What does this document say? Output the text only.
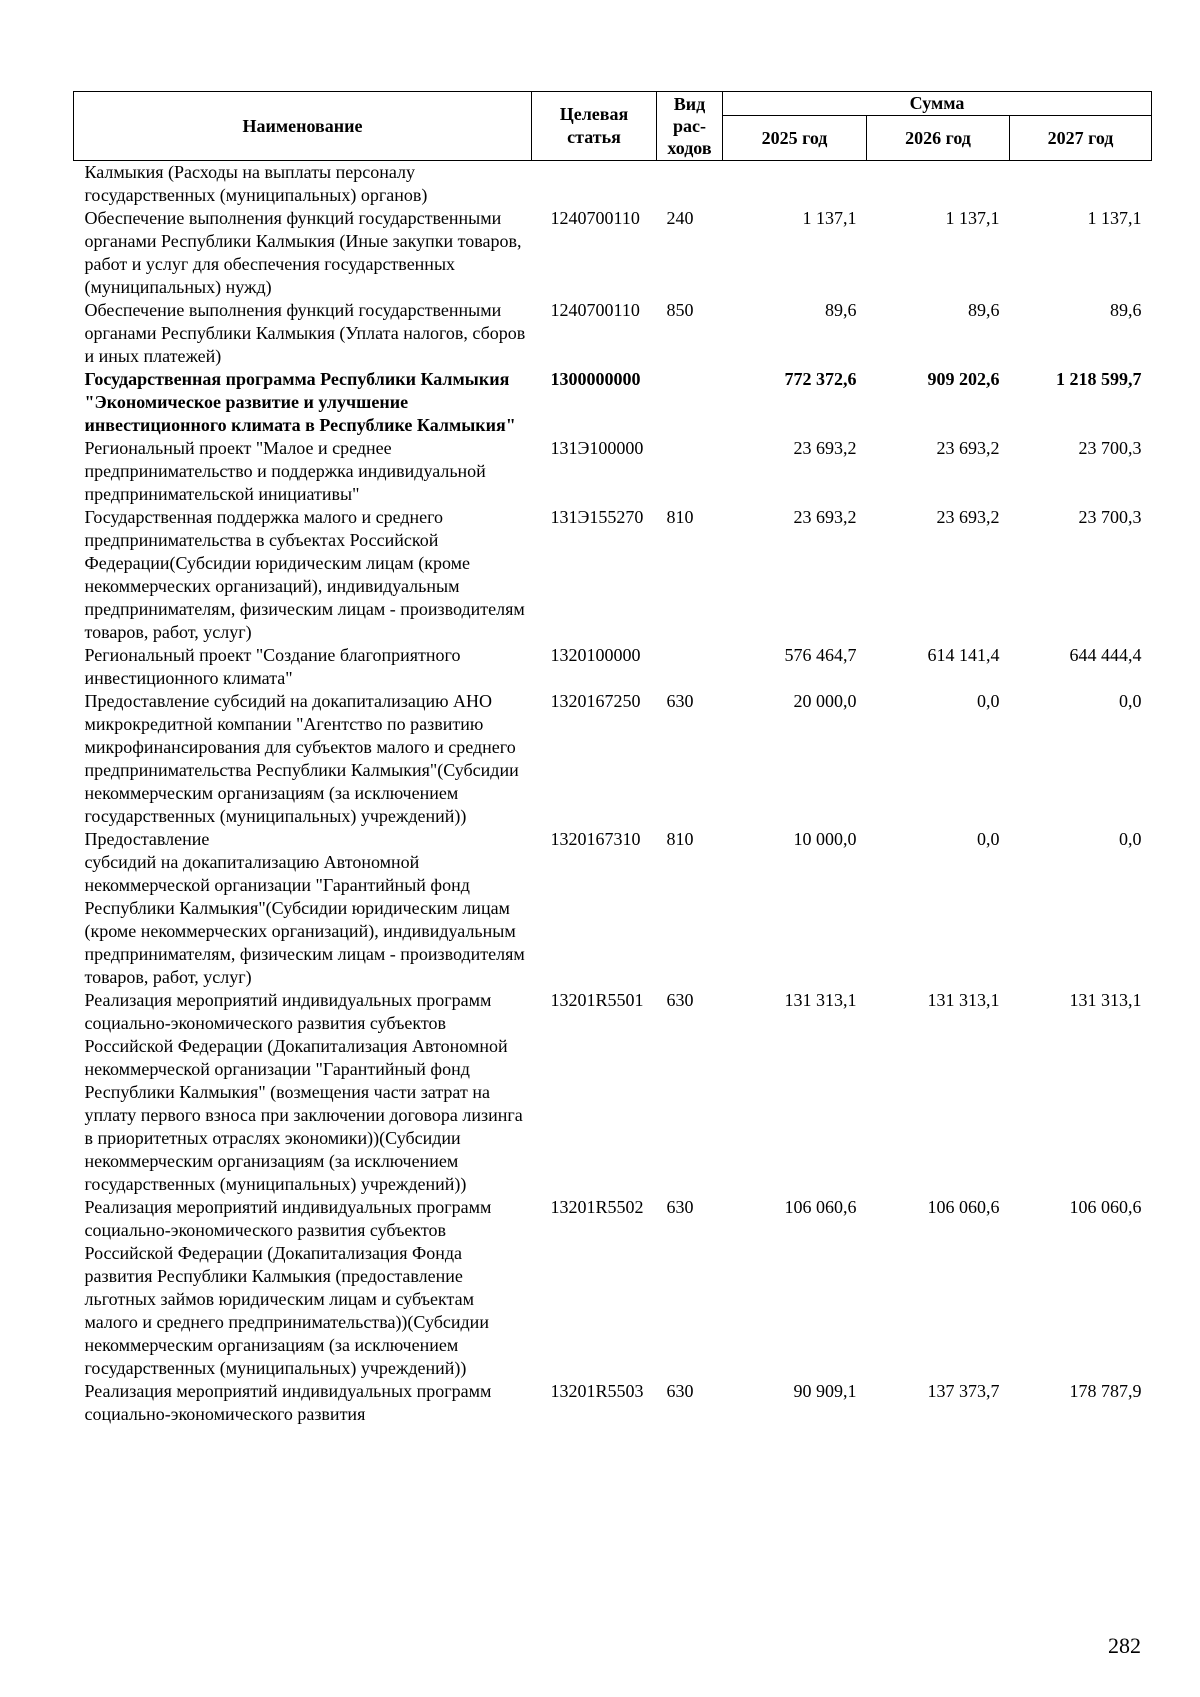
Наименование	Целевая статья	Вид рас-ходов	Сумма		
			2025 год	2026 год	2027 год
Калмыкия (Расходы на выплаты персоналу государственных (муниципальных) органов)					
Обеспечение выполнения функций государственными органами Республики Калмыкия (Иные закупки товаров, работ и услуг для обеспечения государственных (муниципальных) нужд)	1240700110	240	1 137,1	1 137,1	1 137,1
Обеспечение выполнения функций государственными органами Республики Калмыкия (Уплата налогов, сборов и иных платежей)	1240700110	850	89,6	89,6	89,6
Государственная программа Республики Калмыкия "Экономическое развитие и улучшение инвестиционного климата в Республике Калмыкия"	1300000000		772 372,6	909 202,6	1 218 599,7
Региональный проект "Малое и среднее предпринимательство и поддержка индивидуальной предпринимательской инициативы"	131Э100000		23 693,2	23 693,2	23 700,3
Государственная поддержка малого и среднего предпринимательства в субъектах Российской Федерации(Субсидии юридическим лицам (кроме некоммерческих организаций), индивидуальным предпринимателям, физическим лицам - производителям товаров, работ, услуг)	131Э155270	810	23 693,2	23 693,2	23 700,3
Региональный проект "Создание благоприятного инвестиционного климата"	1320100000		576 464,7	614 141,4	644 444,4
Предоставление субсидий на докапитализацию АНО микрокредитной компании "Агентство по развитию микрофинансирования для субъектов малого и среднего предпринимательства Республики Калмыкия"(Субсидии некоммерческим организациям (за исключением государственных (муниципальных) учреждений))	1320167250	630	20 000,0	0,0	0,0
Предоставление
субсидий на докапитализацию Автономной некоммерческой организации "Гарантийный фонд Республики Калмыкия"(Субсидии юридическим лицам (кроме некоммерческих организаций), индивидуальным предпринимателям, физическим лицам - производителям товаров, работ, услуг)	1320167310	810	10 000,0	0,0	0,0
Реализация мероприятий индивидуальных программ социально-экономического развития субъектов Российской Федерации (Докапитализация Автономной некоммерческой организации "Гарантийный фонд Республики Калмыкия" (возмещения части затрат на уплату первого взноса при заключении договора лизинга в приоритетных отраслях экономики))(Субсидии некоммерческим организациям (за исключением государственных (муниципальных) учреждений))	13201R5501	630	131 313,1	131 313,1	131 313,1
Реализация мероприятий индивидуальных программ социально-экономического развития субъектов Российской Федерации (Докапитализация Фонда развития Республики Калмыкия (предоставление льготных займов юридическим лицам и субъектам малого и среднего предпринимательства))(Субсидии некоммерческим организациям (за исключением государственных (муниципальных) учреждений))	13201R5502	630	106 060,6	106 060,6	106 060,6
Реализация мероприятий индивидуальных программ социально-экономического развития	13201R5503	630	90 909,1	137 373,7	178 787,9
282
